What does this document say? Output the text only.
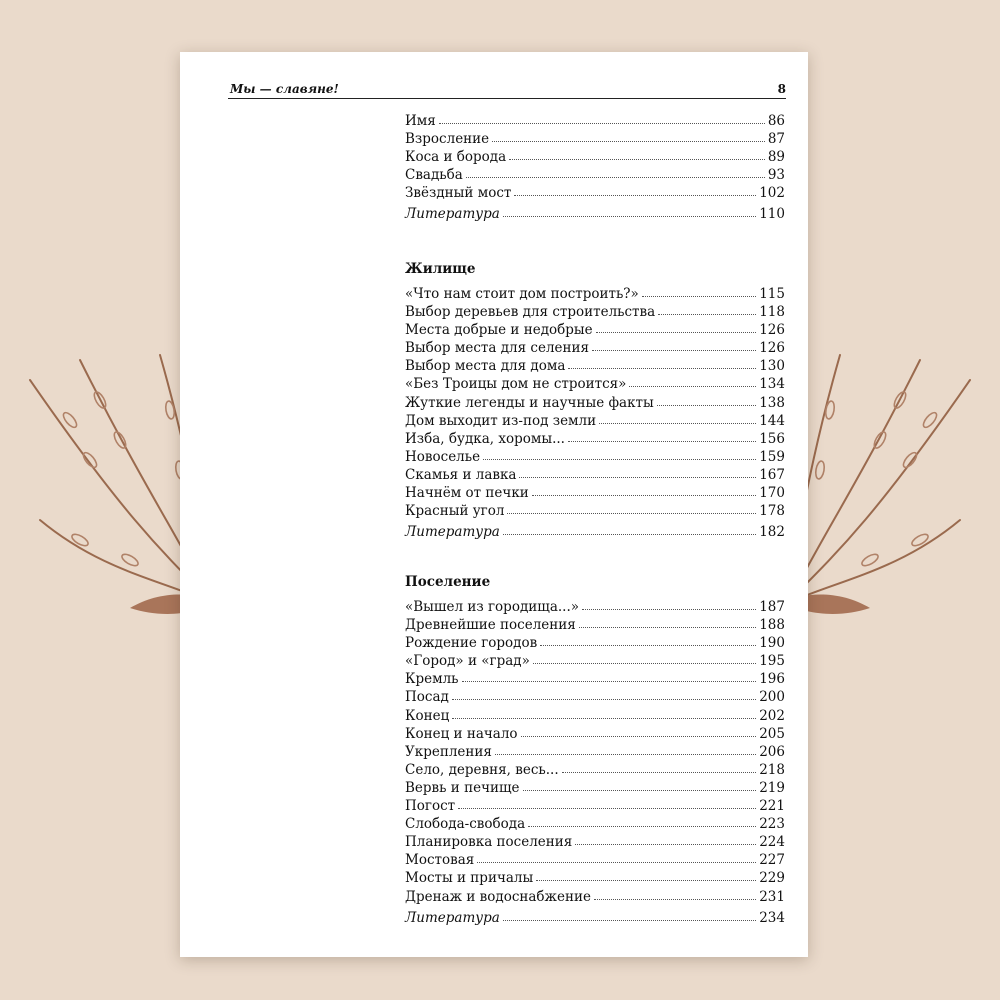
Мы — славяне!	8
Имя	86
Взросление	87
Коса и борода	89
Свадьба	93
Звёздный мост	102
Литература	110
Жилище
«Что нам стоит дом построить?»	115
Выбор деревьев для строительства	118
Места добрые и недобрые	126
Выбор места для селения	126
Выбор места для дома	130
«Без Троицы дом не строится»	134
Жуткие легенды и научные факты	138
Дом выходит из-под земли	144
Изба, будка, хоромы...	156
Новоселье	159
Скамья и лавка	167
Начнём от печки	170
Красный угол	178
Литература	182
Поселение
«Вышел из городища...»	187
Древнейшие поселения	188
Рождение городов	190
«Город» и «град»	195
Кремль	196
Посад	200
Конец	202
Конец и начало	205
Укрепления	206
Село, деревня, весь...	218
Вервь и печище	219
Погост	221
Слобода-свобода	223
Планировка поселения	224
Мостовая	227
Мосты и причалы	229
Дренаж и водоснабжение	231
Литература	234
